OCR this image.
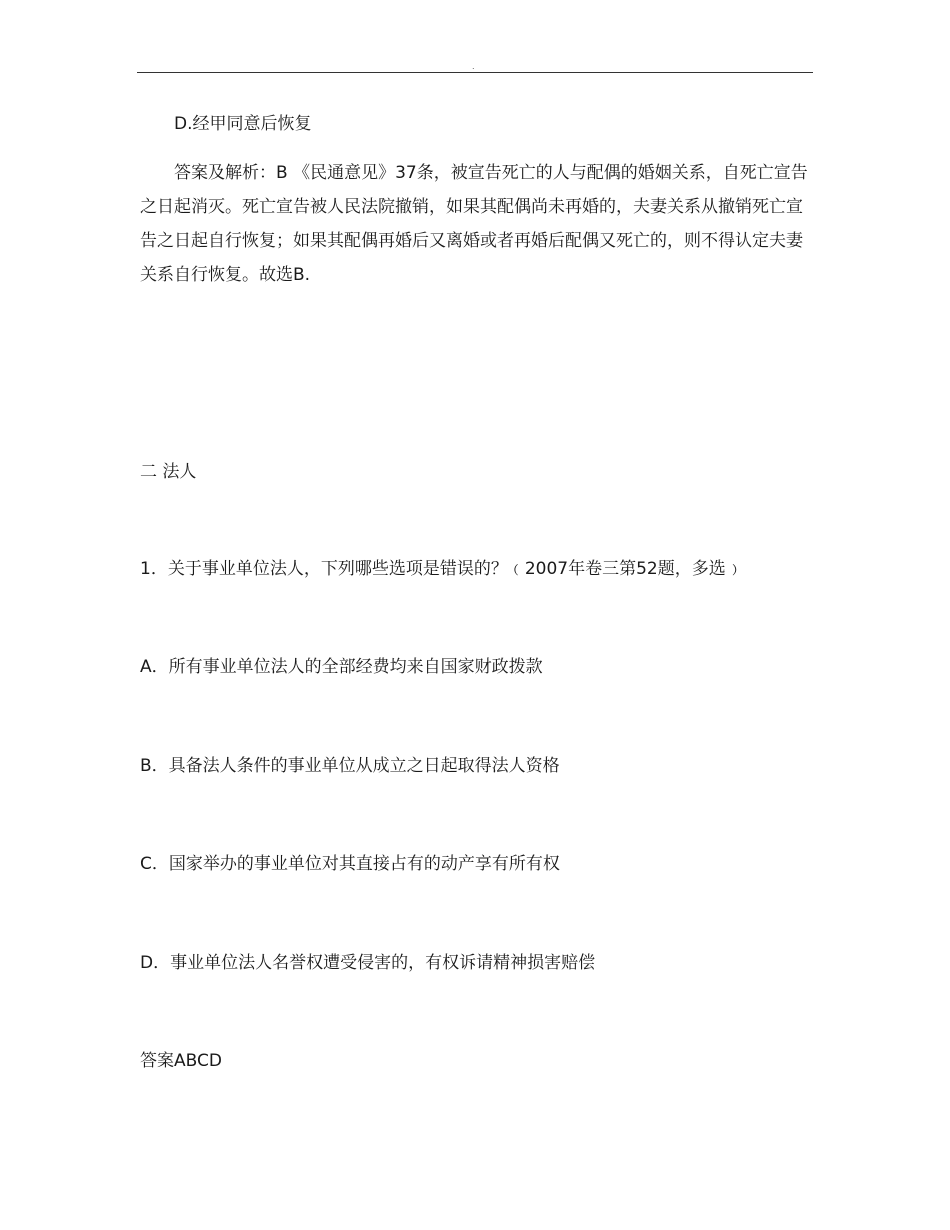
.
D.经甲同意后恢复
答案及解析：B 《民通意见》37条，被宣告死亡的人与配偶的婚姻关系，自死亡宣告
之日起消灭。死亡宣告被人民法院撤销，如果其配偶尚未再婚的，夫妻关系从撤销死亡宣
告之日起自行恢复；如果其配偶再婚后又离婚或者再婚后配偶又死亡的，则不得认定夫妻
关系自行恢复。故选B.
二 法人
1．关于事业单位法人，下列哪些选项是错误的？﹙2007年卷三第52题，多选﹚
A．所有事业单位法人的全部经费均来自国家财政拨款
B．具备法人条件的事业单位从成立之日起取得法人资格
C．国家举办的事业单位对其直接占有的动产享有所有权
D．事业单位法人名誉权遭受侵害的，有权诉请精神损害赔偿
答案ABCD
